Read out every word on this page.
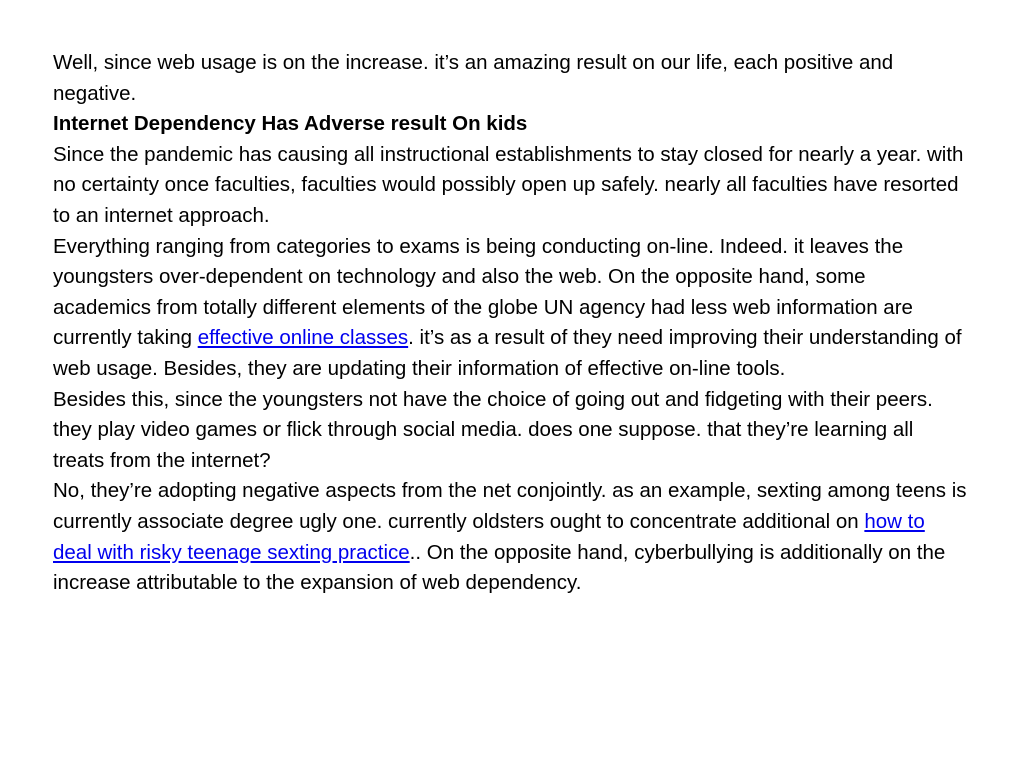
Well, since web usage is on the increase. it’s an amazing result on our life, each positive and negative.

Internet Dependency Has Adverse result On kids

Since the pandemic has causing all instructional establishments to stay closed for nearly a year. with no certainty once faculties, faculties would possibly open up safely. nearly all faculties have resorted to an internet approach.

Everything ranging from categories to exams is being conducting on-line. Indeed. it leaves the youngsters over-dependent on technology and also the web. On the opposite hand, some academics from totally different elements of the globe UN agency had less web information are currently taking effective online classes. it’s as a result of they need improving their understanding of web usage. Besides, they are updating their information of effective on-line tools.

Besides this, since the youngsters not have the choice of going out and fidgeting with their peers. they play video games or flick through social media. does one suppose. that they’re learning all treats from the internet?

No, they’re adopting negative aspects from the net conjointly. as an example, sexting among teens is currently associate degree ugly one. currently oldsters ought to concentrate additional on how to deal with risky teenage sexting practice.. On the opposite hand, cyberbullying is additionally on the increase attributable to the expansion of web dependency.
